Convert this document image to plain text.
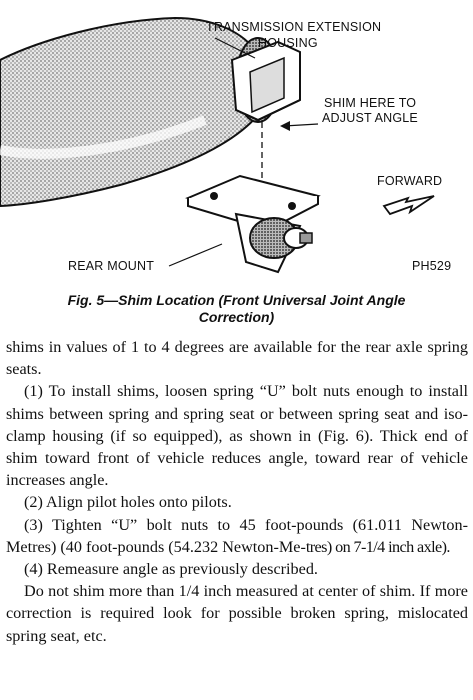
TRANSMISSION EXTENSION
HOUSING
SHIM HERE TO
ADJUST ANGLE
FORWARD
REAR MOUNT	PH529
Fig. 5—Shim Location (Front Universal Joint Angle
Correction)

shims in values of 1 to 4 degrees are available for the rear axle spring seats.

(1) To install shims, loosen spring “U” bolt nuts enough to install shims between spring and spring seat or between spring seat and iso-clamp housing (if so equipped), as shown in (Fig. 6). Thick end of shim toward front of vehicle reduces angle, toward rear of vehicle increases angle.

(2) Align pilot holes onto pilots.

(3) Tighten “U” bolt nuts to 45 foot-pounds (61.011 Newton-Metres) (40 foot-pounds (54.232 Newton-Me-tres) on 7-1/4 inch axle).

(4) Remeasure angle as previously described.

Do not shim more than 1/4 inch measured at center of shim. If more correction is required look for possible broken spring, mislocated spring seat, etc.
